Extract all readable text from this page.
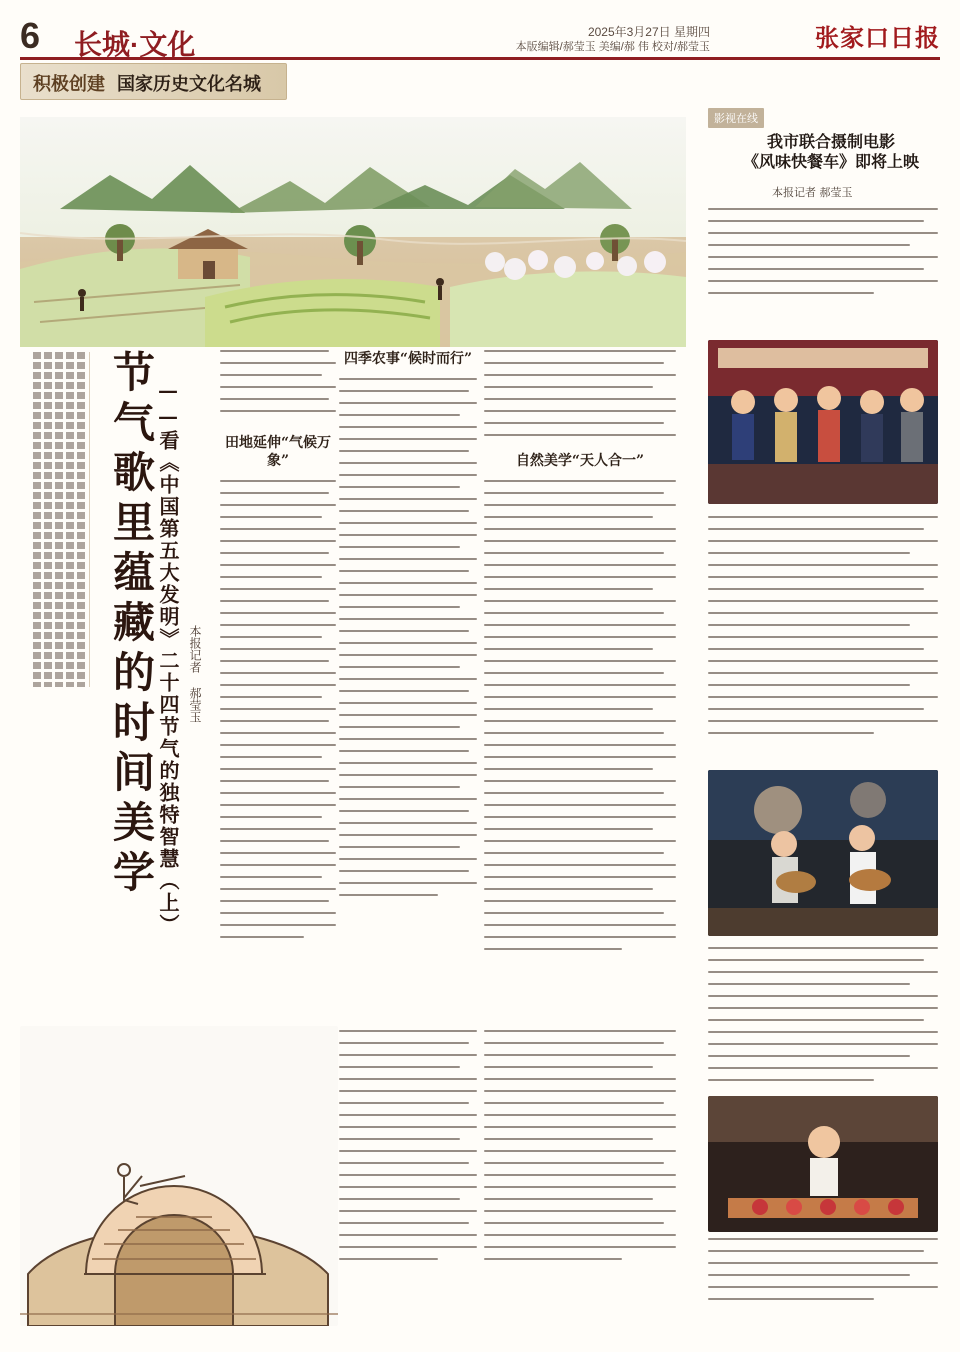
6 长城·文化	2025年3月27日 星期四
本版编辑/郝莹玉 美编/郝 伟 校对/郝莹玉	张家口日报
积极创建 国家历史文化名城
节气歌里蕴藏的时间美学 ——看《中国第五大发明》二十四节气的独特智慧（上） 本报记者 郝莹玉
田地延伸“气候万象”
四季农事“候时而行”
自然美学“天人合一”
影视在线
我市联合摄制电影
《风味快餐车》即将上映
本报记者 郝莹玉
